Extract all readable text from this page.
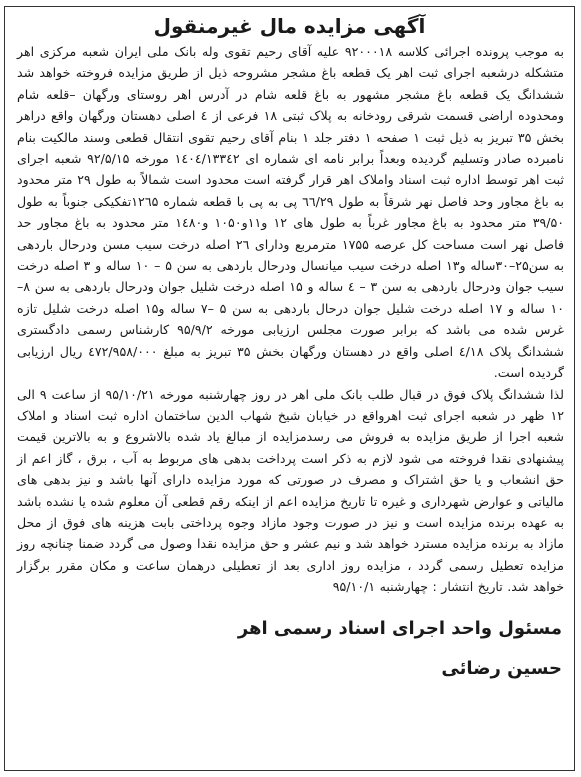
آگهی مزایده مال غیرمنقول

به موجب پرونده اجرائی کلاسه ۹۲۰۰۰۱۸ علیه آقای رحیم تقوی وله بانک ملی ایران شعبه مرکزی اهر متشکله درشعبه اجرای ثبت اهر یک قطعه باغ مشجر مشروحه ذیل از طریق مزایده فروخته خواهد شد ششدانگ یک قطعه باغ مشجر مشهور به باغ قلعه شام در آدرس اهر روستای ورگهان –قلعه شام ومحدوده اراضی قسمت شرقی رودخانه به پلاک ثبتی ۱۸ فرعی از ٤ اصلی دهستان ورگهان واقع دراهر بخش ۳۵ تبریز به ذیل ثبت ۱ صفحه ۱ دفتر جلد ۱ بنام آقای رحیم تقوی انتقال قطعی وسند مالکیت بنام نامبرده صادر وتسلیم گردیده وبعداً برابر نامه ای شماره ای ۱٤۰٤/۱۳۳٤۲ مورخه ۹۲/۵/۱۵ شعبه اجرای ثبت اهر توسط اداره ثبت اسناد واملاک اهر قرار گرفته است محدود است شمالاً به طول ۲۹ متر محدود به باغ مجاور وحد فاصل نهر شرقاً به طول ٦٦/٢٩ پی به پی با قطعه شماره ۱۲٦۵تفکیکی جنوباً به طول ۳۹/۵۰ متر محدود به باغ مجاور غرباً به طول های ۱۲ و۱۱و۱۰۵۰ و۱٤۸۰ متر محدود به باغ مجاور حد فاصل نهر است مساحت کل عرصه ۱۷۵۵ مترمربع ودارای ٢٦ اصله درخت سیب مسن ودرحال باردهی به سن۲۵–۳۰ساله و۱۳ اصله درخت سیب میانسال ودرحال باردهی به سن ۵ – ۱۰ ساله و ۳ اصله درخت سیب جوان ودرحال باردهی به سن ۳ – ٤ ساله و ۱۵ اصله درخت شلیل جوان ودرحال باردهی به سن ۸–۱۰ ساله و ۱۷ اصله درخت شلیل جوان درحال باردهی به سن ۵ –۷ ساله و۱۵ اصله درخت شلیل تازه غرس شده می باشد که برابر صورت مجلس ارزیابی مورخه ۹۵/۹/۲ کارشناس رسمی دادگستری ششدانگ پلاک ٤/۱۸ اصلی واقع در دهستان ورگهان بخش ۳۵ تبریز به مبلغ ٤۷۲/۹۵۸/۰۰۰ ریال ارزیابی گردیده است.

لذا ششدانگ پلاک فوق در قبال طلب بانک ملی اهر در روز چهارشنبه مورخه ۹۵/۱۰/۲۱ از ساعت ۹ الی ۱۲ ظهر در شعبه اجرای ثبت اهرواقع در خیابان شیخ شهاب الدین ساختمان اداره ثبت اسناد و املاک شعبه اجرا از طریق مزایده به فروش می رسدمزایده از مبالغ یاد شده بالاشروع و به بالاترین قیمت پیشنهادی نقدا فروخته می شود لازم به ذکر است پرداخت بدهی های مربوط به آب ، برق ، گاز اعم از حق انشعاب و یا حق اشتراک و مصرف در صورتی که مورد مزایده دارای آنها باشد و نیز بدهی های مالیاتی و عوارض شهرداری و غیره تا تاریخ مزایده اعم از اینکه رقم قطعی آن معلوم شده یا نشده باشد به عهده برنده مزایده است و نیز در صورت وجود مازاد وجوه پرداختی بابت هزینه های فوق از محل مازاد به برنده مزایده مسترد خواهد شد و نیم عشر و حق مزایده نقدا وصول می گردد ضمنا چنانچه روز مزایده تعطیل رسمی گردد ، مزایده روز اداری بعد از تعطیلی درهمان ساعت و مکان مقرر برگزار خواهد شد. تاریخ انتشار : چهارشنبه ۹۵/۱۰/۱

مسئول واحد اجرای اسناد رسمی اهر
حسین رضائی
